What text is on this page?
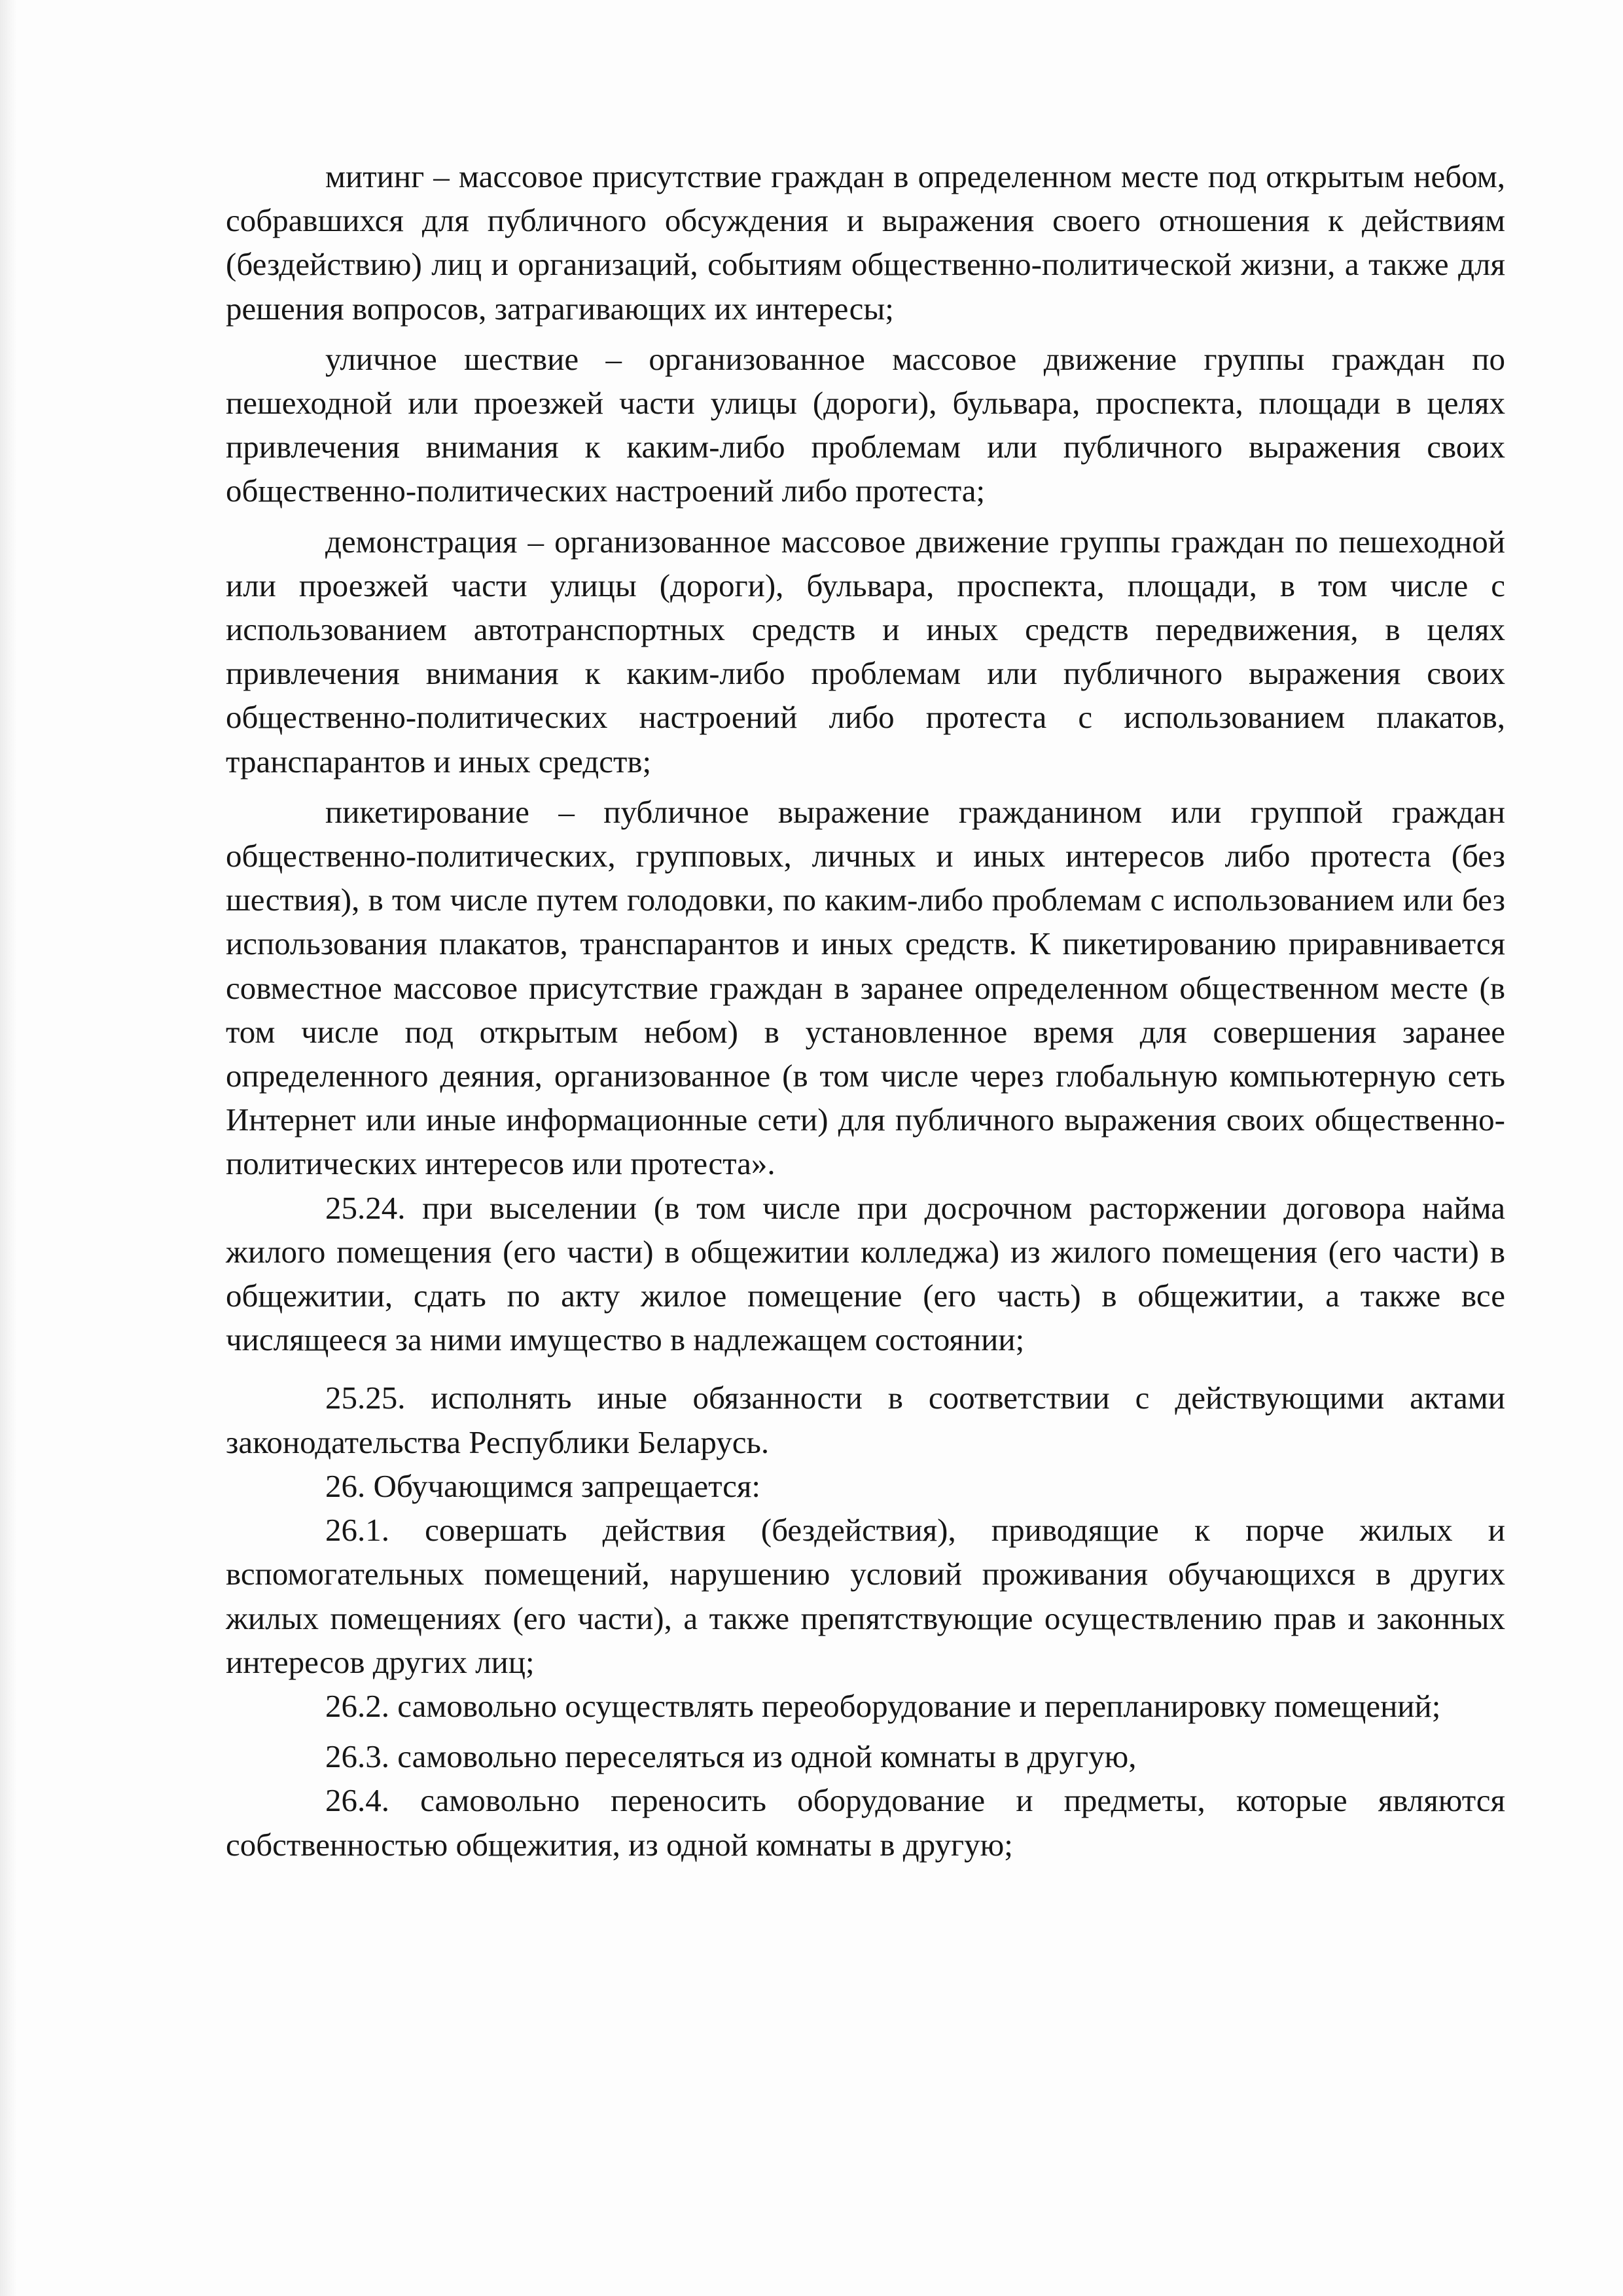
митинг – массовое присутствие граждан в определенном месте под открытым небом, собравшихся для публичного обсуждения и выражения своего отношения к действиям (бездействию) лиц и организаций, событиям общественно-политической жизни, а также для решения вопросов, затрагивающих их интересы;

уличное шествие – организованное массовое движение группы граждан по пешеходной или проезжей части улицы (дороги), бульвара, проспекта, площади в целях привлечения внимания к каким-либо проблемам или публичного выражения своих общественно-политических настроений либо протеста;

демонстрация – организованное массовое движение группы граждан по пешеходной или проезжей части улицы (дороги), бульвара, проспекта, площади, в том числе с использованием автотранспортных средств и иных средств передвижения, в целях привлечения внимания к каким-либо проблемам или публичного выражения своих общественно-политических настроений либо протеста с использованием плакатов, транспарантов и иных средств;

пикетирование – публичное выражение гражданином или группой граждан общественно-политических, групповых, личных и иных интересов либо протеста (без шествия), в том числе путем голодовки, по каким-либо проблемам с использованием или без использования плакатов, транспарантов и иных средств. К пикетированию приравнивается совместное массовое присутствие граждан в заранее определенном общественном месте (в том числе под открытым небом) в установленное время для совершения заранее определенного деяния, организованное (в том числе через глобальную компьютерную сеть Интернет или иные информационные сети) для публичного выражения своих общественно-политических интересов или протеста».

25.24. при выселении (в том числе при досрочном расторжении договора найма жилого помещения (его части) в общежитии колледжа) из жилого помещения (его части) в общежитии, сдать по акту жилое помещение (его часть) в общежитии, а также все числящееся за ними имущество в надлежащем состоянии;

25.25. исполнять иные обязанности в соответствии с действующими актами законодательства Республики Беларусь.

26. Обучающимся запрещается:

26.1. совершать действия (бездействия), приводящие к порче жилых и вспомогательных помещений, нарушению условий проживания обучающихся в других жилых помещениях (его части), а также препятствующие осуществлению прав и законных интересов других лиц;

26.2. самовольно осуществлять переоборудование и перепланировку помещений;

26.3. самовольно переселяться из одной комнаты в другую,

26.4. самовольно переносить оборудование и предметы, которые являются собственностью общежития, из одной комнаты в другую;
